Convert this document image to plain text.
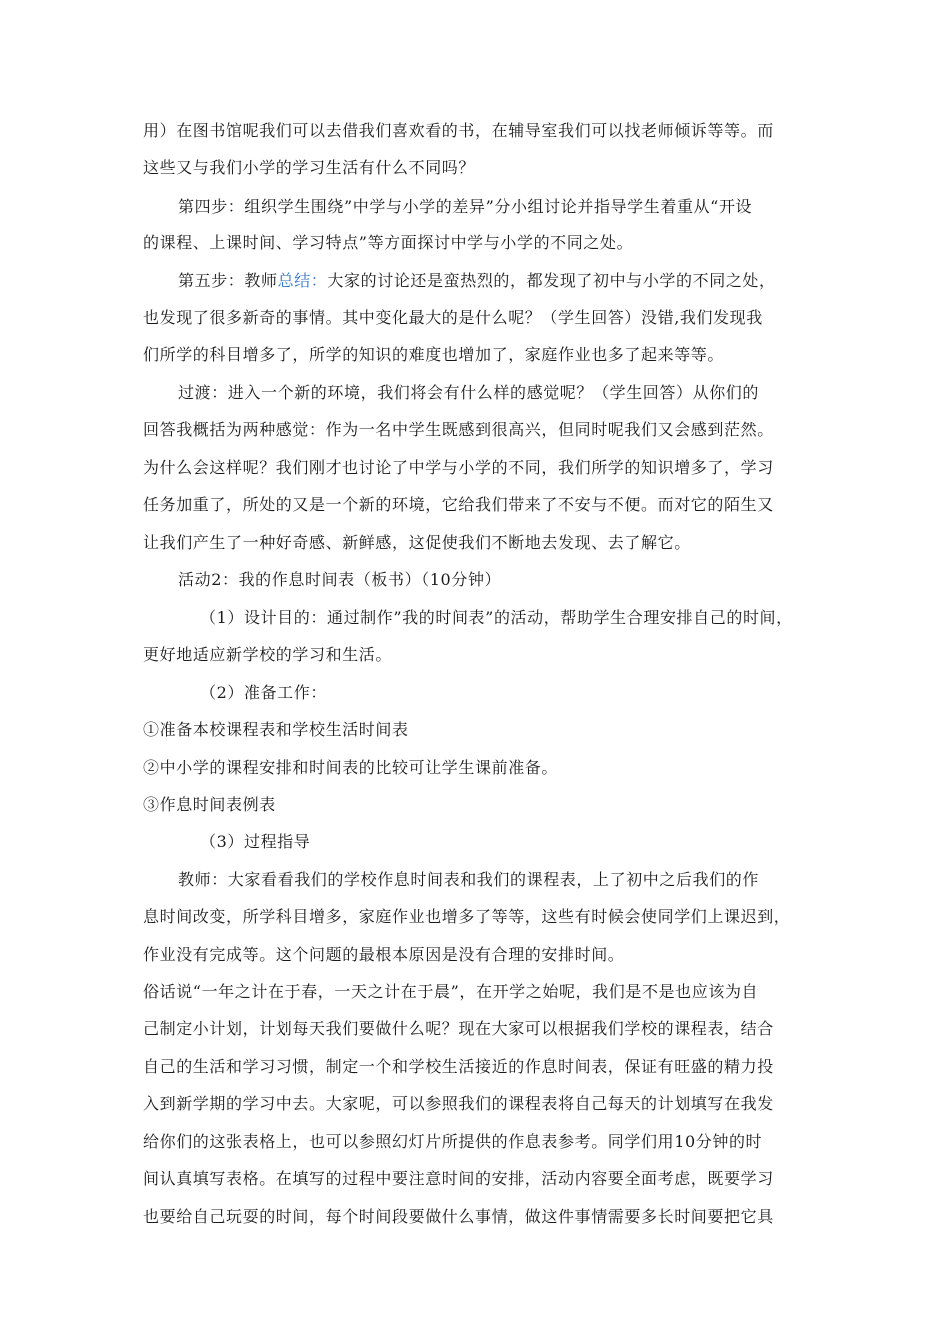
用）在图书馆呢我们可以去借我们喜欢看的书，在辅导室我们可以找老师倾诉等等。而
这些又与我们小学的学习生活有什么不同吗？
第四步：组织学生围绕”中学与小学的差异”分小组讨论并指导学生着重从“开设
的课程、上课时间、学习特点”等方面探讨中学与小学的不同之处。
第五步：教师总结：大家的讨论还是蛮热烈的，都发现了初中与小学的不同之处，
也发现了很多新奇的事情。其中变化最大的是什么呢？（学生回答）没错,我们发现我
们所学的科目增多了，所学的知识的难度也增加了，家庭作业也多了起来等等。
过渡：进入一个新的环境，我们将会有什么样的感觉呢？（学生回答）从你们的
回答我概括为两种感觉：作为一名中学生既感到很高兴，但同时呢我们又会感到茫然。
为什么会这样呢？我们刚才也讨论了中学与小学的不同，我们所学的知识增多了，学习
任务加重了，所处的又是一个新的环境，它给我们带来了不安与不便。而对它的陌生又
让我们产生了一种好奇感、新鲜感，这促使我们不断地去发现、去了解它。
活动2：我的作息时间表（板书）（10分钟）
（1）设计目的：通过制作”我的时间表”的活动，帮助学生合理安排自己的时间，
更好地适应新学校的学习和生活。
（2）准备工作：
①准备本校课程表和学校生活时间表
②中小学的课程安排和时间表的比较可让学生课前准备。
③作息时间表例表
（3）过程指导
教师：大家看看我们的学校作息时间表和我们的课程表，上了初中之后我们的作
息时间改变，所学科目增多，家庭作业也增多了等等，这些有时候会使同学们上课迟到，
作业没有完成等。这个问题的最根本原因是没有合理的安排时间。
俗话说“一年之计在于春，一天之计在于晨”，在开学之始呢，我们是不是也应该为自
己制定小计划，计划每天我们要做什么呢？现在大家可以根据我们学校的课程表，结合
自己的生活和学习习惯，制定一个和学校生活接近的作息时间表，保证有旺盛的精力投
入到新学期的学习中去。大家呢，可以参照我们的课程表将自己每天的计划填写在我发
给你们的这张表格上，也可以参照幻灯片所提供的作息表参考。同学们用10分钟的时
间认真填写表格。在填写的过程中要注意时间的安排，活动内容要全面考虑，既要学习
也要给自己玩耍的时间，每个时间段要做什么事情，做这件事情需要多长时间要把它具
